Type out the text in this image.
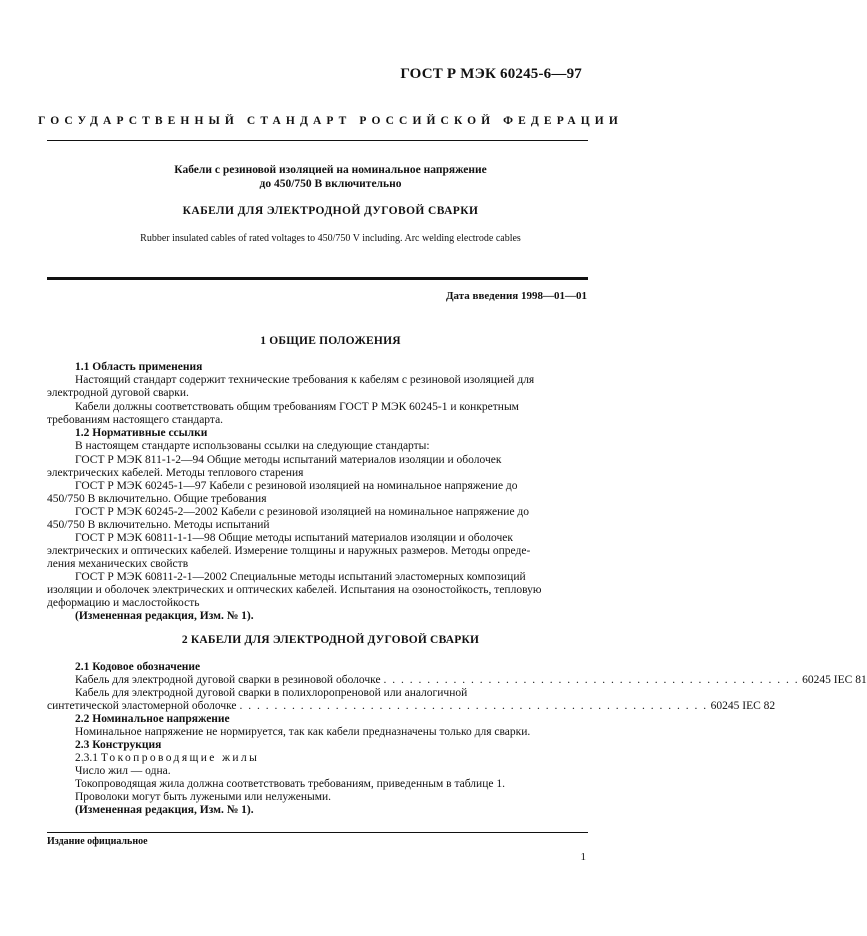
ГОСТ Р МЭК 60245-6—97
ГОСУДАРСТВЕННЫЙ СТАНДАРТ РОССИЙСКОЙ ФЕДЕРАЦИИ
Кабели с резиновой изоляцией на номинальное напряжение
до 450/750 В включительно
КАБЕЛИ ДЛЯ ЭЛЕКТРОДНОЙ ДУГОВОЙ СВАРКИ
Rubber insulated cables of rated voltages to 450/750 V including. Arc welding electrode cables
Дата введения 1998—01—01
1 ОБЩИЕ ПОЛОЖЕНИЯ
1.1 Область применения
Настоящий стандарт содержит технические требования к кабелям с резиновой изоляцией для
электродной дуговой сварки.
Кабели должны соответствовать общим требованиям ГОСТ Р МЭК 60245-1 и конкретным
требованиям настоящего стандарта.
1.2 Нормативные ссылки
В настоящем стандарте использованы ссылки на следующие стандарты:
ГОСТ Р МЭК 811-1-2—94 Общие методы испытаний материалов изоляции и оболочек
электрических кабелей. Методы теплового старения
ГОСТ Р МЭК 60245-1—97 Кабели с резиновой изоляцией на номинальное напряжение до
450/750 В включительно. Общие требования
ГОСТ Р МЭК 60245-2—2002 Кабели с резиновой изоляцией на номинальное напряжение до
450/750 В включительно. Методы испытаний
ГОСТ Р МЭК 60811-1-1—98 Общие методы испытаний материалов изоляции и оболочек
электрических и оптических кабелей. Измерение толщины и наружных размеров. Методы опреде-
ления механических свойств
ГОСТ Р МЭК 60811-2-1—2002 Специальные методы испытаний эластомерных композиций
изоляции и оболочек электрических и оптических кабелей. Испытания на озоностойкость, тепловую
деформацию и маслостойкость
(Измененная редакция, Изм. № 1).
2 КАБЕЛИ ДЛЯ ЭЛЕКТРОДНОЙ ДУГОВОЙ СВАРКИ
2.1 Кодовое обозначение
Кабель для электродной дуговой сварки в резиновой оболочке . . . . . . . . . . . . . . . . . . . . . . . . . . . . . . . . . . . . . . . . . . . . . . . . 60245 IEC 81
Кабель для электродной дуговой сварки в полихлоропреновой или аналогичной
синтетической эластомерной оболочке . . . . . . . . . . . . . . . . . . . . . . . . . . . . . . . . . . . . . . . . . . . . . . . . . . . . . . 60245 IEC 82
2.2 Номинальное напряжение
Номинальное напряжение не нормируется, так как кабели предназначены только для сварки.
2.3 Конструкция
2.3.1 Токопроводящие жилы
Число жил — одна.
Токопроводящая жила должна соответствовать требованиям, приведенным в таблице 1.
Проволоки могут быть лужеными или нелужеными.
(Измененная редакция, Изм. № 1).
Издание официальное
1
